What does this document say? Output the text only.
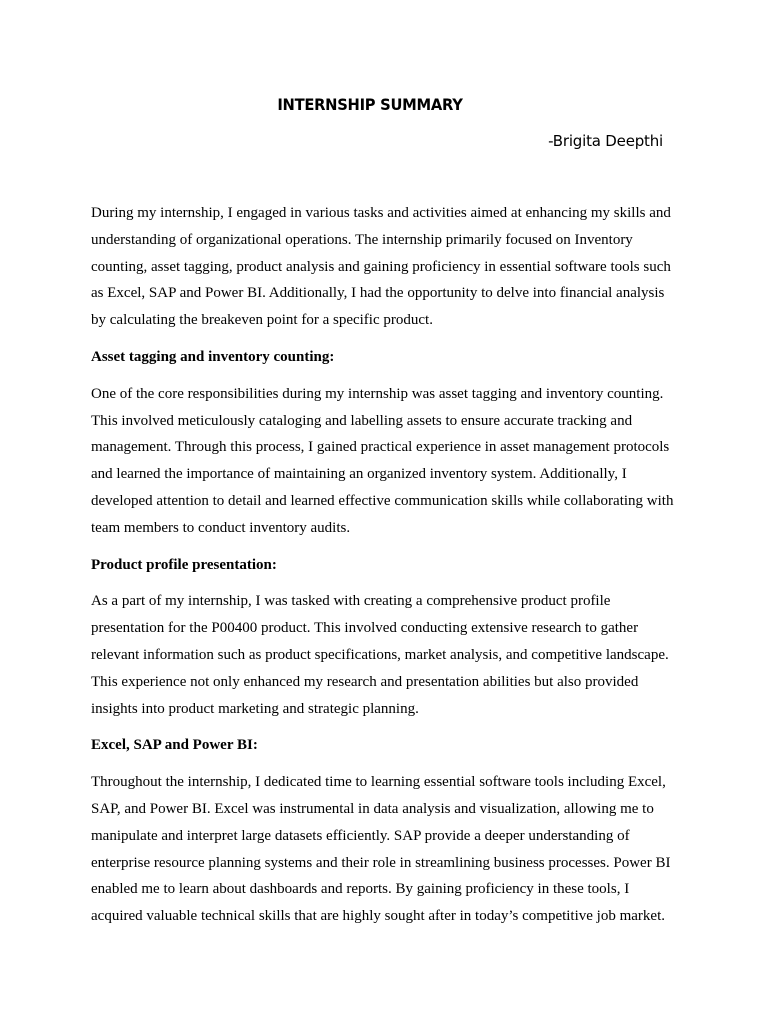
INTERNSHIP SUMMARY
-Brigita Deepthi

During my internship, I engaged in various tasks and activities aimed at enhancing my skills and understanding of organizational operations. The internship primarily focused on Inventory counting, asset tagging, product analysis and gaining proficiency in essential software tools such as Excel, SAP and Power BI. Additionally, I had the opportunity to delve into financial analysis by calculating the breakeven point for a specific product.

Asset tagging and inventory counting:

One of the core responsibilities during my internship was asset tagging and inventory counting. This involved meticulously cataloging and labelling assets to ensure accurate tracking and management. Through this process, I gained practical experience in asset management protocols and learned the importance of maintaining an organized inventory system. Additionally, I developed attention to detail and learned effective communication skills while collaborating with team members to conduct inventory audits.

Product profile presentation:

As a part of my internship, I was tasked with creating a comprehensive product profile presentation for the P00400 product. This involved conducting extensive research to gather relevant information such as product specifications, market analysis, and competitive landscape. This experience not only enhanced my research and presentation abilities but also provided insights into product marketing and strategic planning.

Excel, SAP and Power BI:

Throughout the internship, I dedicated time to learning essential software tools including Excel, SAP, and Power BI. Excel was instrumental in data analysis and visualization, allowing me to manipulate and interpret large datasets efficiently. SAP provide a deeper understanding of enterprise resource planning systems and their role in streamlining business processes. Power BI enabled me to learn about dashboards and reports. By gaining proficiency in these tools, I acquired valuable technical skills that are highly sought after in today’s competitive job market.
